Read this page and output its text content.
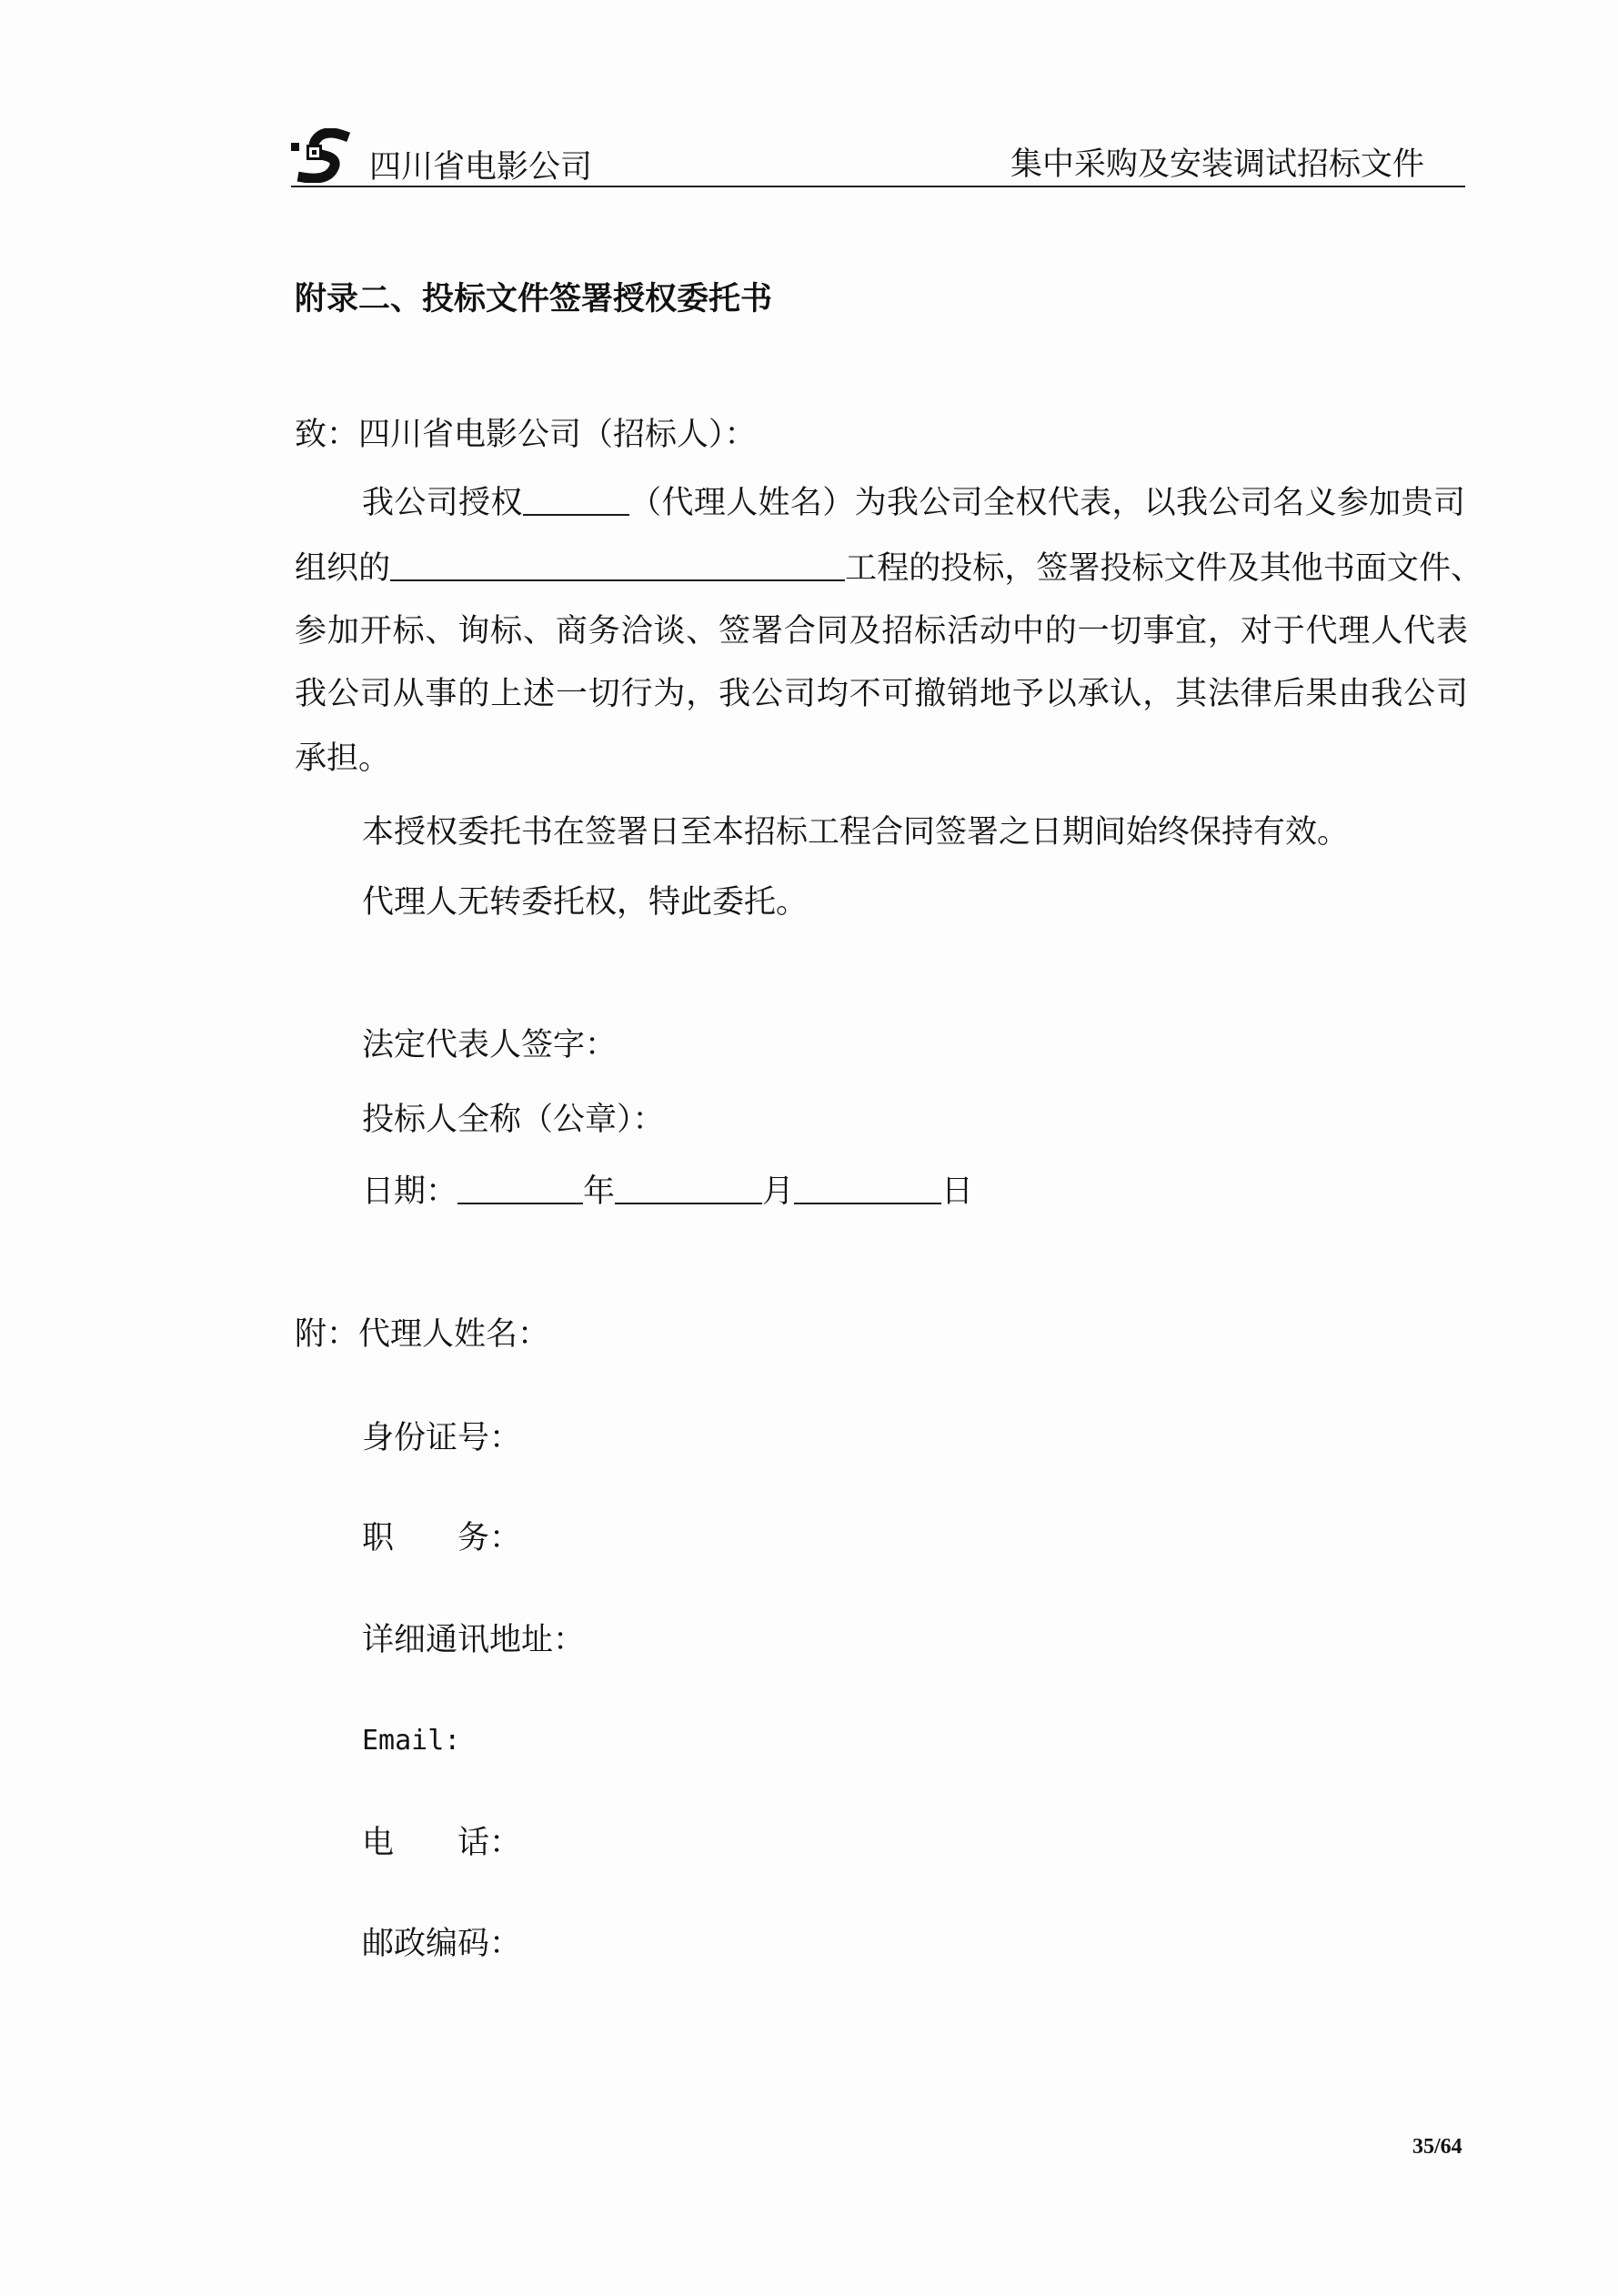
四川省电影公司	集中采购及安装调试招标文件
附录二、投标文件签署授权委托书
致：四川省电影公司（招标人）：
我公司授权	（代理人姓名）为我公司全权代表，以我公司名义参加贵司
组织的	工程的投标，签署投标文件及其他书面文件、
参加开标、询标、商务洽谈、签署合同及招标活动中的一切事宜，对于代理人代表
我公司从事的上述一切行为，我公司均不可撤销地予以承认，其法律后果由我公司
承担。
本授权委托书在签署日至本招标工程合同签署之日期间始终保持有效。
代理人无转委托权，特此委托。
法定代表人签字：
投标人全称（公章）：
日期：	年	月	日
附：代理人姓名：
身份证号：
职　　务：
详细通讯地址：
Email:
电　　话：
邮政编码：
35/64
